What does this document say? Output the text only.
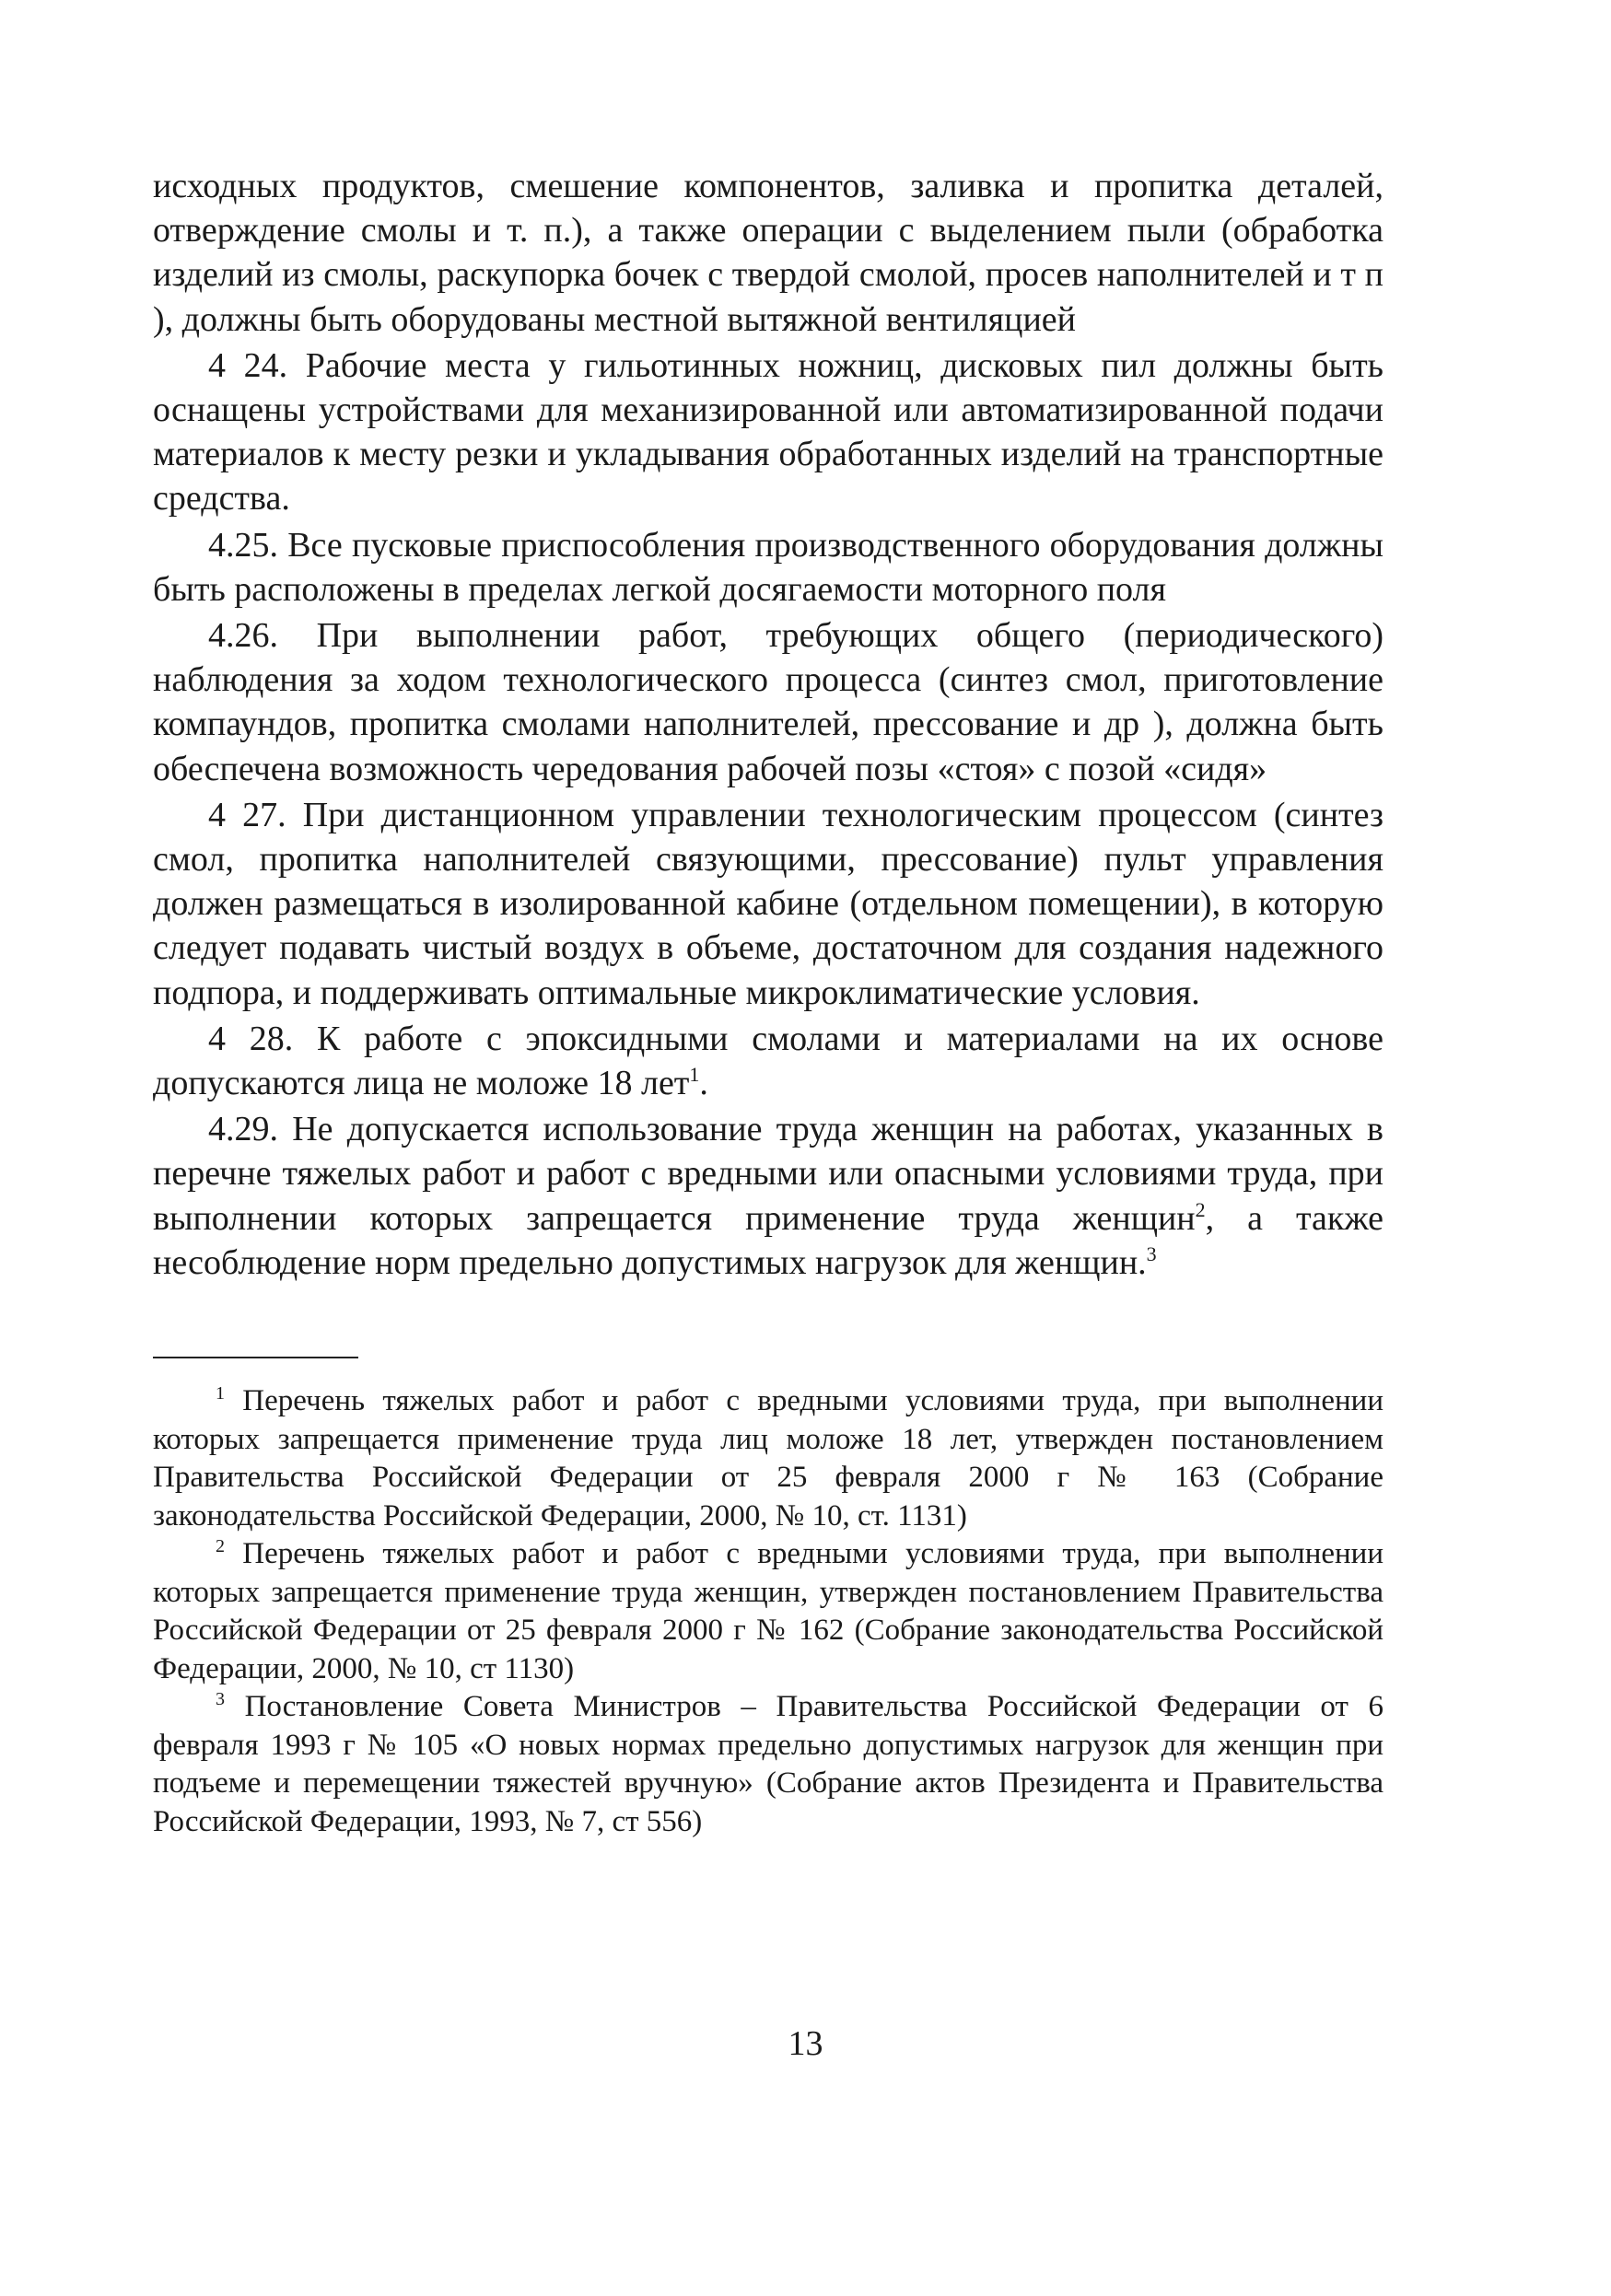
исходных продуктов, смешение компонентов, заливка и пропитка деталей, отверждение смолы и т. п.), а также операции с выделением пыли (обработка изделий из смолы, раскупорка бочек с твердой смолой, просев наполнителей и т п ), должны быть оборудованы местной вытяжной вентиляцией

4 24. Рабочие места у гильотинных ножниц, дисковых пил должны быть оснащены устройствами для механизированной или автоматизированной подачи материалов к месту резки и укладывания обработанных изделий на транспортные средства.

4.25. Все пусковые приспособления производственного оборудования должны быть расположены в пределах легкой досягаемости моторного поля

4.26. При выполнении работ, требующих общего (периодического) наблюдения за ходом технологического процесса (синтез смол, приготовление компаундов, пропитка смолами наполнителей, прессование и др ), должна быть обеспечена возможность чередования рабочей позы «стоя» с позой «сидя»

4 27. При дистанционном управлении технологическим процессом (синтез смол, пропитка наполнителей связующими, прессование) пульт управления должен размещаться в изолированной кабине (отдельном помещении), в которую следует подавать чистый воздух в объеме, достаточном для создания надежного подпора, и поддерживать оптимальные микроклиматические условия.

4 28. К работе с эпоксидными смолами и материалами на их основе допускаются лица не моложе 18 лет$^1$.

4.29. Не допускается использование труда женщин на работах, указанных в перечне тяжелых работ и работ с вредными или опасными условиями труда, при выполнении которых запрещается применение труда женщин$^2$, а также несоблюдение норм предельно допустимых нагрузок для женщин.$^3$

$^1$ Перечень тяжелых работ и работ с вредными условиями труда, при выполнении которых запрещается применение труда лиц моложе 18 лет, утвержден постановлением Правительства Российской Федерации от 25 февраля 2000 г № 163 (Собрание законодательства Российской Федерации, 2000, № 10, ст. 1131)

$^2$ Перечень тяжелых работ и работ с вредными условиями труда, при выполнении которых запрещается применение труда женщин, утвержден постановлением Правительства Российской Федерации от 25 февраля 2000 г № 162 (Собрание законодательства Российской Федерации, 2000, № 10, ст 1130)

$^3$ Постановление Совета Министров – Правительства Российской Федерации от 6 февраля 1993 г № 105 «О новых нормах предельно допустимых нагрузок для женщин при подъеме и перемещении тяжестей вручную» (Собрание актов Президента и Правительства Российской Федерации, 1993, № 7, ст 556)

13
